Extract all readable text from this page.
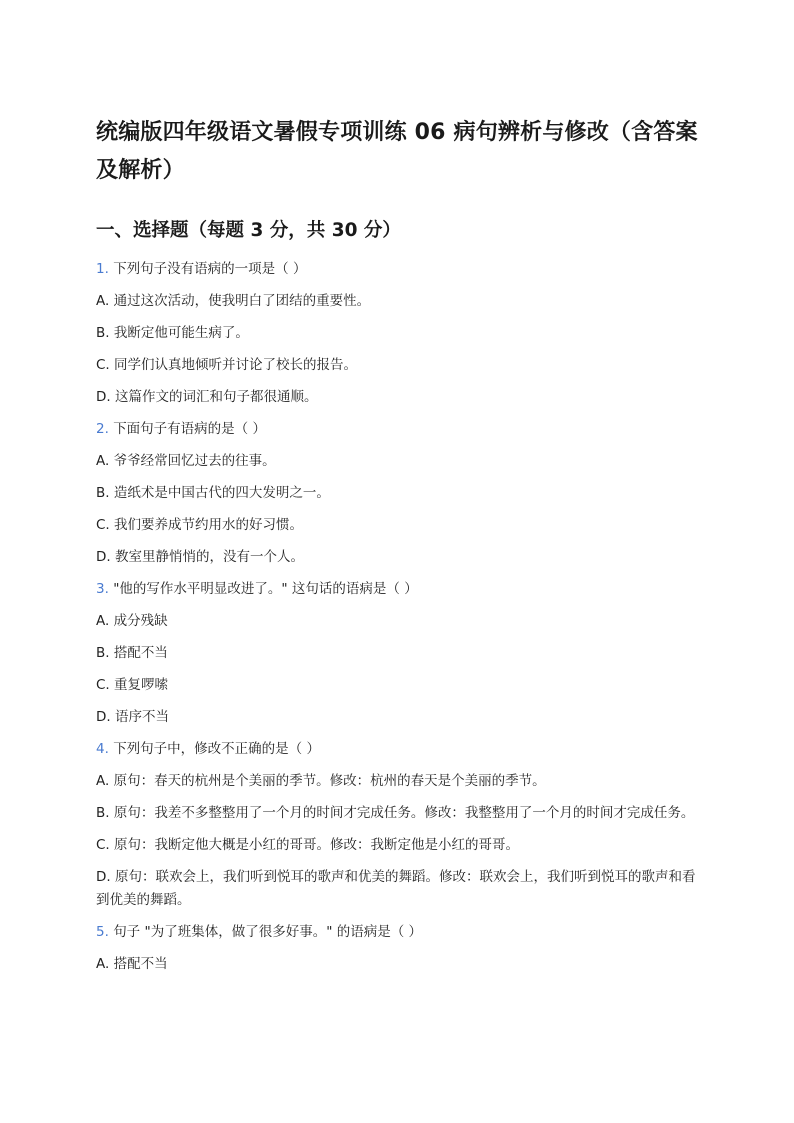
统编版四年级语文暑假专项训练 06 病句辨析与修改（含答案及解析）
一、选择题（每题 3 分，共 30 分）
1. 下列句子没有语病的一项是（ ）
A. 通过这次活动，使我明白了团结的重要性。
B. 我断定他可能生病了。
C. 同学们认真地倾听并讨论了校长的报告。
D. 这篇作文的词汇和句子都很通顺。
2. 下面句子有语病的是（ ）
A. 爷爷经常回忆过去的往事。
B. 造纸术是中国古代的四大发明之一。
C. 我们要养成节约用水的好习惯。
D. 教室里静悄悄的，没有一个人。
3. "他的写作水平明显改进了。" 这句话的语病是（ ）
A. 成分残缺
B. 搭配不当
C. 重复啰嗦
D. 语序不当
4. 下列句子中，修改不正确的是（ ）
A. 原句：春天的杭州是个美丽的季节。修改：杭州的春天是个美丽的季节。
B. 原句：我差不多整整用了一个月的时间才完成任务。修改：我整整用了一个月的时间才完成任务。
C. 原句：我断定他大概是小红的哥哥。修改：我断定他是小红的哥哥。
D. 原句：联欢会上，我们听到悦耳的歌声和优美的舞蹈。修改：联欢会上，我们听到悦耳的歌声和看到优美的舞蹈。
5. 句子 "为了班集体，做了很多好事。" 的语病是（ ）
A. 搭配不当
